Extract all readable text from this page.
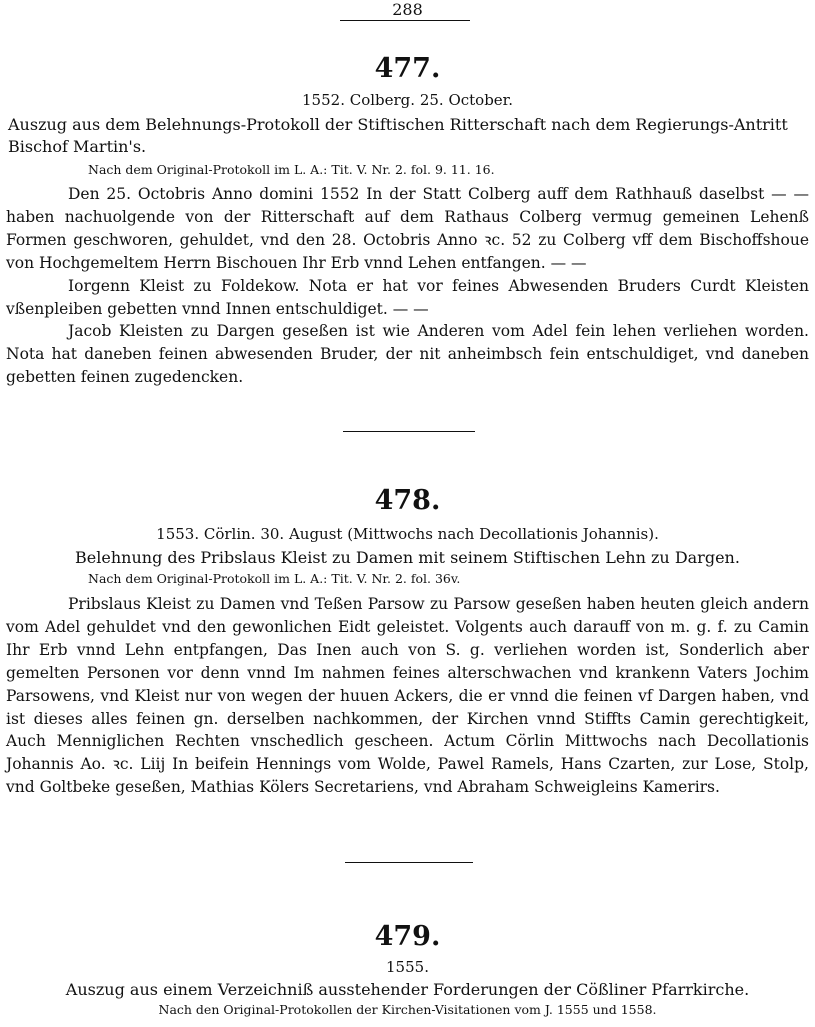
288
477.
1552. Colberg. 25. October.
Auszug aus dem Belehnungs-Protokoll der Stiftischen Ritterschaft nach dem Regierungs-Antritt Bischof Martin's.
Nach dem Original-Protokoll im L. A.: Tit. V. Nr. 2. fol. 9. 11. 16.

Den 25. Octobris Anno domini 1552 In der Statt Colberg auff dem Rathhauß daselbst — — haben nachuolgende von der Ritterschaft auf dem Rathaus Colberg vermug gemeinen Lehenß Formen geschworen, gehuldet, vnd den 28. Octobris Anno ꝛc. 52 zu Colberg vff dem Bischoffshoue von Hochgemeltem Herrn Bischouen Ihr Erb vnnd Lehen entfangen. — —

Iorgenn Kleist zu Foldekow. Nota er hat vor feines Abwesenden Bruders Curdt Kleisten vßenpleiben gebetten vnnd Innen entschuldiget. — —

Jacob Kleisten zu Dargen geseßen ist wie Anderen vom Adel fein lehen verliehen worden. Nota hat daneben feinen abwesenden Bruder, der nit anheimbsch fein entschuldiget, vnd daneben gebetten feinen zugedencken.

478.
1553. Cörlin. 30. August (Mittwochs nach Decollationis Johannis).
Belehnung des Pribslaus Kleist zu Damen mit seinem Stiftischen Lehn zu Dargen.
Nach dem Original-Protokoll im L. A.: Tit. V. Nr. 2. fol. 36v.

Pribslaus Kleist zu Damen vnd Teßen Parsow zu Parsow geseßen haben heuten gleich andern vom Adel gehuldet vnd den gewonlichen Eidt geleistet. Volgents auch darauff von m. g. f. zu Camin Ihr Erb vnnd Lehn entpfangen, Das Inen auch von S. g. verliehen worden ist, Sonderlich aber gemelten Personen vor denn vnnd Im nahmen feines alterschwachen vnd krankenn Vaters Jochim Parsowens, vnd Kleist nur von wegen der huuen Ackers, die er vnnd die feinen vf Dargen haben, vnd ist dieses alles feinen gn. derselben nachkommen, der Kirchen vnnd Stiffts Camin gerechtigkeit, Auch Menniglichen Rechten vnschedlich gescheen. Actum Cörlin Mittwochs nach Decollationis Johannis Ao. ꝛc. Liij In beifein Hennings vom Wolde, Pawel Ramels, Hans Czarten, zur Lose, Stolp, vnd Goltbeke geseßen, Mathias Kölers Secretariens, vnd Abraham Schweigleins Kamerirs.

479.
1555.
Auszug aus einem Verzeichniß ausstehender Forderungen der Cößliner Pfarrkirche.
Nach den Original-Protokollen der Kirchen-Visitationen vom J. 1555 und 1558.
